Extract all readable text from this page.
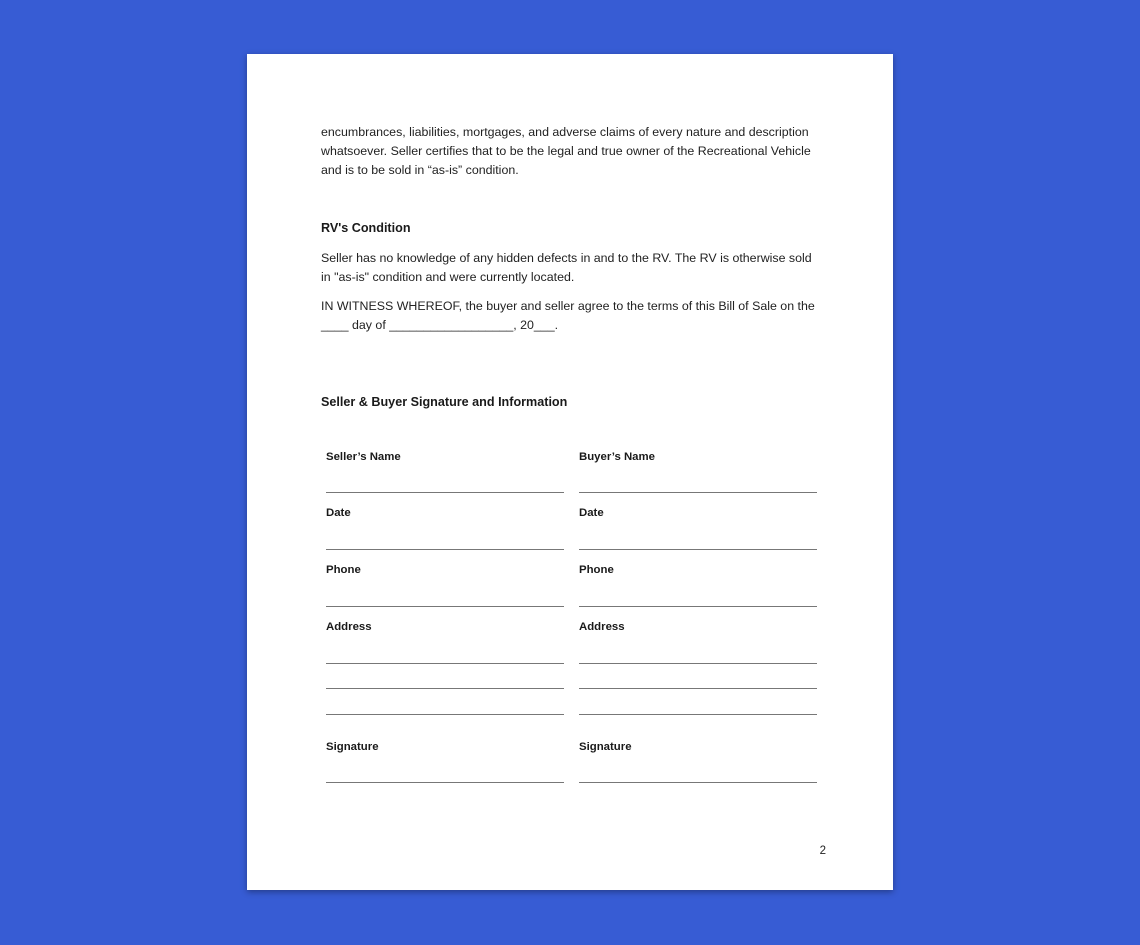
encumbrances, liabilities, mortgages, and adverse claims of every nature and description whatsoever. Seller certifies that to be the legal and true owner of the Recreational Vehicle and is to be sold in “as-is” condition.

RV's Condition

Seller has no knowledge of any hidden defects in and to the RV. The RV is otherwise sold in "as-is" condition and were currently located.

IN WITNESS WHEREOF, the buyer and seller agree to the terms of this Bill of Sale on the ____ day of __________________, 20___.

Seller & Buyer Signature and Information

Seller’s Name

Date

Phone

Address

Signature

Buyer’s Name

Date

Phone

Address

Signature

2
